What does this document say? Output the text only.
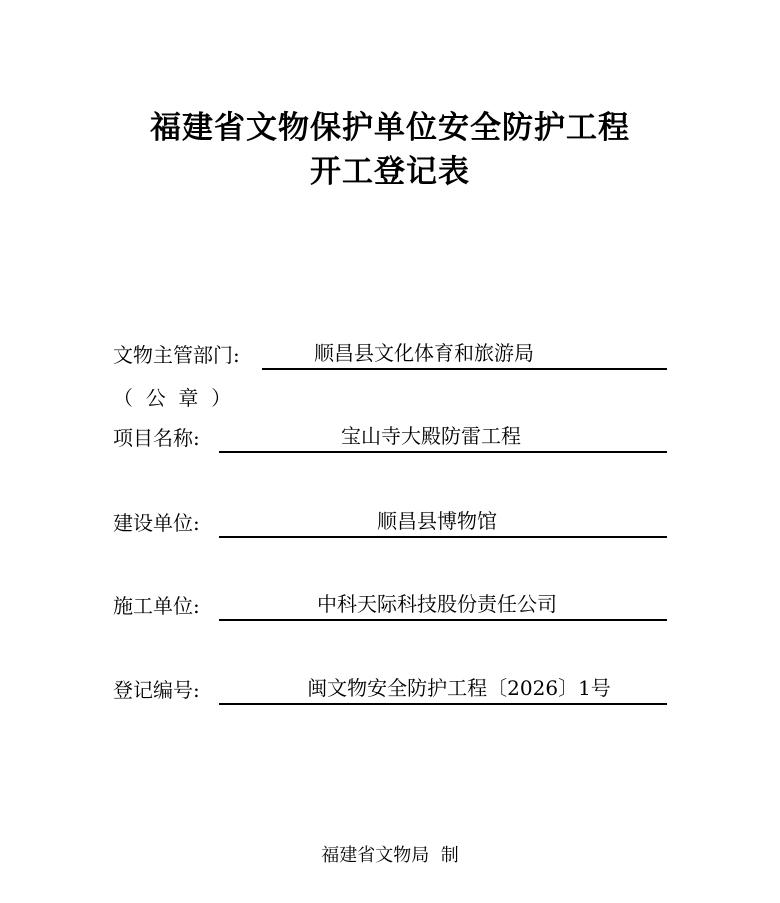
福建省文物保护单位安全防护工程
开工登记表
文物主管部门:	顺昌县文化体育和旅游局
（  公  章  ）
项目名称:	宝山寺大殿防雷工程
建设单位:	顺昌县博物馆
施工单位:	中科天际科技股份责任公司
登记编号:	闽文物安全防护工程〔2026〕1号
福建省文物局  制
